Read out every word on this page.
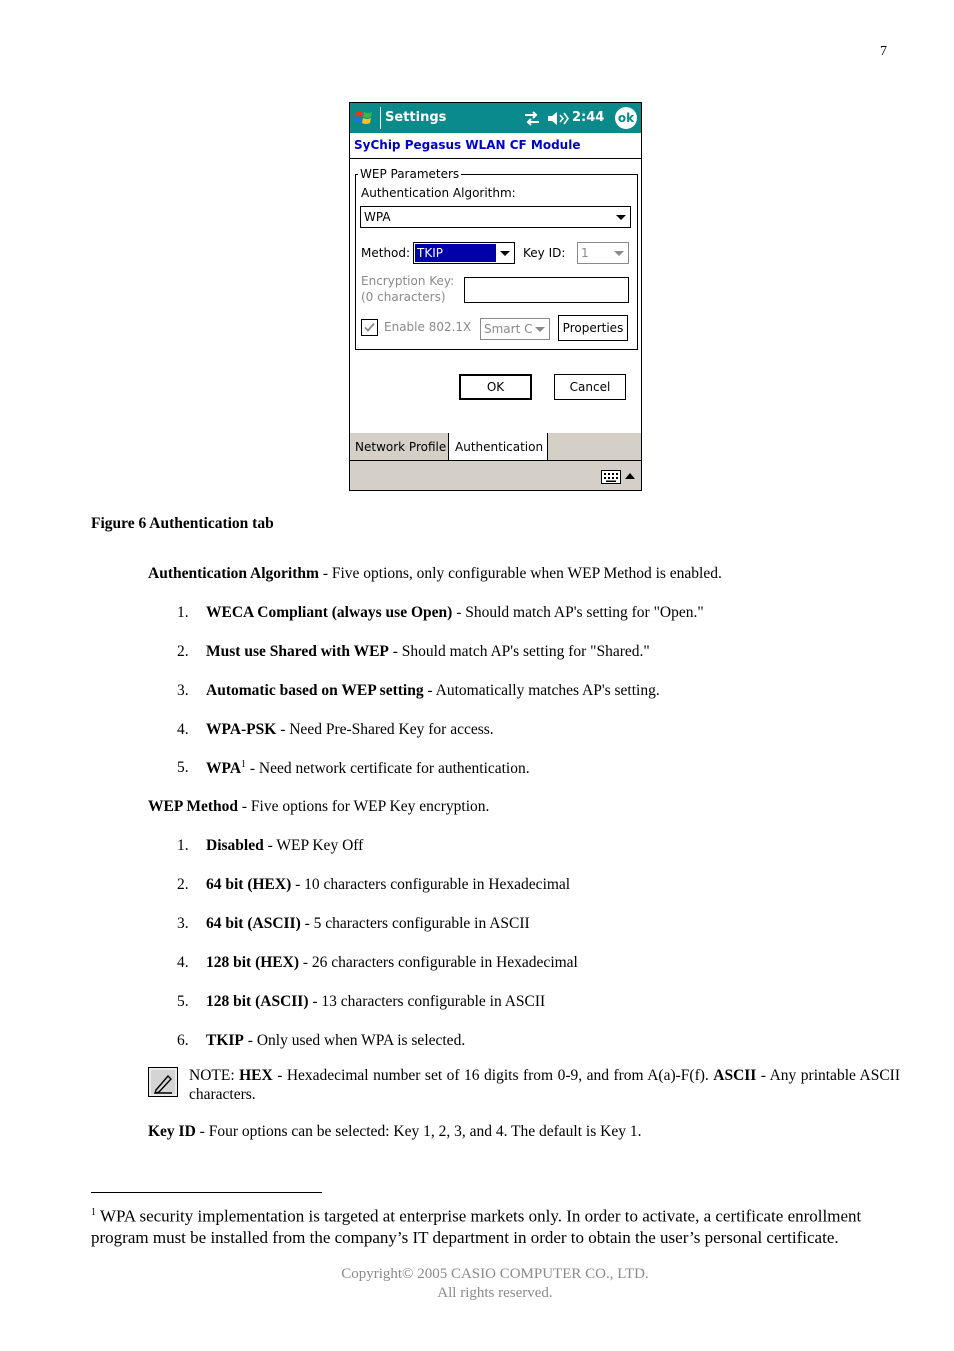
7
Settings	2:44 ok
SyChip Pegasus WLAN CF Module
WEP Parameters
Authentication Algorithm:
WPA
Method: TKIP	Key ID: 1
Encryption Key:
(0 characters)
Enable 802.1X Smart C	Properties
OK	Cancel
Network Profile Authentication
Figure 6 Authentication tab
Authentication Algorithm - Five options, only configurable when WEP Method is enabled.
1. WECA Compliant (always use Open) - Should match AP's setting for "Open."
2. Must use Shared with WEP - Should match AP's setting for "Shared."
3. Automatic based on WEP setting - Automatically matches AP's setting.
4. WPA-PSK - Need Pre-Shared Key for access.
5. WPA$^1$ - Need network certificate for authentication.
WEP Method - Five options for WEP Key encryption.
1. Disabled - WEP Key Off
2. 64 bit (HEX) - 10 characters configurable in Hexadecimal
3. 64 bit (ASCII) - 5 characters configurable in ASCII
4. 128 bit (HEX) - 26 characters configurable in Hexadecimal
5. 128 bit (ASCII) - 13 characters configurable in ASCII
6. TKIP - Only used when WPA is selected.
NOTE: HEX - Hexadecimal number set of 16 digits from 0-9, and from A(a)-F(f). ASCII - Any printable ASCII characters.
Key ID - Four options can be selected: Key 1, 2, 3, and 4. The default is Key 1.
$^1$ WPA security implementation is targeted at enterprise markets only. In order to activate, a certificate enrollment program must be installed from the company’s IT department in order to obtain the user’s personal certificate.
Copyright© 2005 CASIO COMPUTER CO., LTD.
All rights reserved.
